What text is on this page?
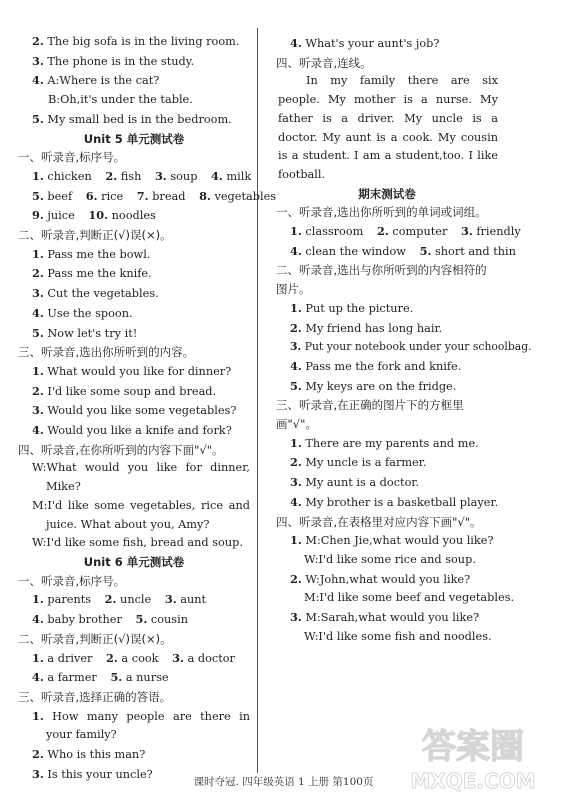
2. The big sofa is in the living room.
3. The phone is in the study.
4. A:Where is the cat?
B:Oh,it's under the table.
5. My small bed is in the bedroom.
Unit 5 单元测试卷
一、听录音,标序号。
1. chicken 2. fish 3. soup 4. milk
5. beef 6. rice 7. bread 8. vegetables
9. juice 10. noodles
二、听录音,判断正(√)误(×)。
1. Pass me the bowl.
2. Pass me the knife.
3. Cut the vegetables.
4. Use the spoon.
5. Now let's try it!
三、听录音,选出你所听到的内容。
1. What would you like for dinner?
2. I'd like some soup and bread.
3. Would you like some vegetables?
4. Would you like a knife and fork?
四、听录音,在你所听到的内容下面"√"。
W:What would you like for dinner, Mike?
M:I'd like some vegetables, rice and juice. What about you, Amy?
W:I'd like some fish, bread and soup.
Unit 6 单元测试卷
一、听录音,标序号。
1. parents 2. uncle 3. aunt
4. baby brother 5. cousin
二、听录音,判断正(√)误(×)。
1. a driver 2. a cook 3. a doctor
4. a farmer 5. a nurse
三、听录音,选择正确的答语。
1. How many people are there in your family?
2. Who is this man?
3. Is this your uncle?
4. What's your aunt's job?
四、听录音,连线。
In my family there are six people. My mother is a nurse. My father is a driver. My uncle is a doctor. My aunt is a cook. My cousin is a student. I am a student,too. I like football.
期末测试卷
一、听录音,选出你所听到的单词或词组。
1. classroom 2. computer 3. friendly
4. clean the window 5. short and thin
二、听录音,选出与你所听到的内容相符的图片。
1. Put up the picture.
2. My friend has long hair.
3. Put your notebook under your schoolbag.
4. Pass me the fork and knife.
5. My keys are on the fridge.
三、听录音,在正确的图片下的方框里画"√"。
1. There are my parents and me.
2. My uncle is a farmer.
3. My aunt is a doctor.
4. My brother is a basketball player.
四、听录音,在表格里对应内容下画"√"。
1. M:Chen Jie,what would you like?
W:I'd like some rice and soup.
2. W:John,what would you like?
M:I'd like some beef and vegetables.
3. M:Sarah,what would you like?
W:I'd like some fish and noodles.
答案圈
MXQE.COM
课时夺冠. 四年级英语 1 上册 第100页
